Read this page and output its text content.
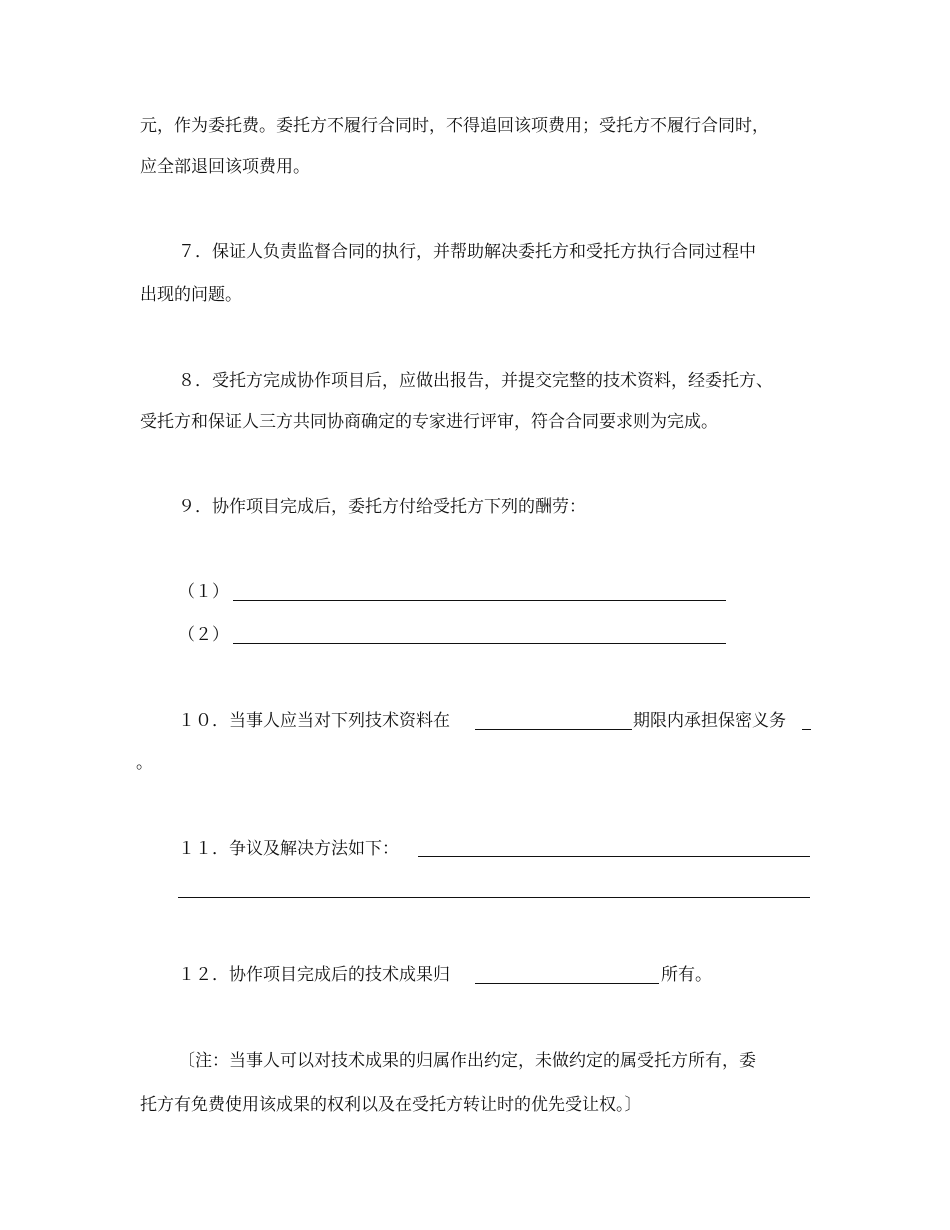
元，作为委托费。委托方不履行合同时，不得追回该项费用；受托方不履行合同时，
应全部退回该项费用。
７．保证人负责监督合同的执行，并帮助解决委托方和受托方执行合同过程中
出现的问题。
８．受托方完成协作项目后，应做出报告，并提交完整的技术资料，经委托方、
受托方和保证人三方共同协商确定的专家进行评审，符合合同要求则为完成。
９．协作项目完成后，委托方付给受托方下列的酬劳：
（１）
（２）
１０．当事人应当对下列技术资料在	期限内承担保密义务
。
１１．争议及解决方法如下：
１２．协作项目完成后的技术成果归	所有。
〔注：当事人可以对技术成果的归属作出约定，未做约定的属受托方所有，委
托方有免费使用该成果的权利以及在受托方转让时的优先受让权。〕
